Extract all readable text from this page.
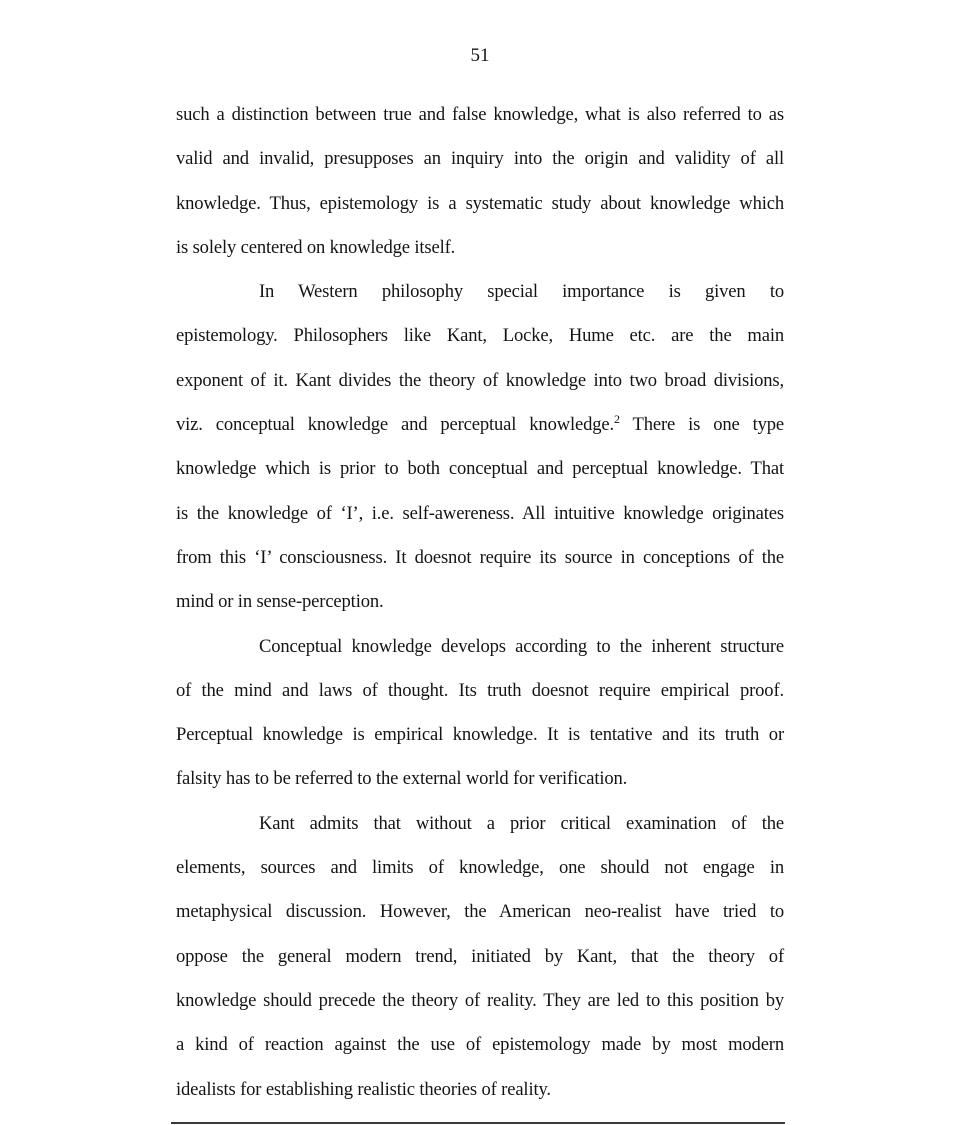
51
such a distinction between true and false knowledge, what is also referred to as
valid and invalid, presupposes an inquiry into the origin and validity of all
knowledge. Thus, epistemology is a systematic study about knowledge which
is solely centered on knowledge itself.
In Western philosophy special importance is given to
epistemology. Philosophers like Kant, Locke, Hume etc. are the main
exponent of it. Kant divides the theory of knowledge into two broad divisions,
viz. conceptual knowledge and perceptual knowledge.$^2$ There is one type
knowledge which is prior to both conceptual and perceptual knowledge. That
is the knowledge of ‘I’, i.e. self-awereness. All intuitive knowledge originates
from this ‘I’ consciousness. It doesnot require its source in conceptions of the
mind or in sense-perception.
Conceptual knowledge develops according to the inherent structure
of the mind and laws of thought. Its truth doesnot require empirical proof.
Perceptual knowledge is empirical knowledge. It is tentative and its truth or
falsity has to be referred to the external world for verification.
Kant admits that without a prior critical examination of the
elements, sources and limits of knowledge, one should not engage in
metaphysical discussion. However, the American neo-realist have tried to
oppose the general modern trend, initiated by Kant, that the theory of
knowledge should precede the theory of reality. They are led to this position by
a kind of reaction against the use of epistemology made by most modern
idealists for establishing realistic theories of reality.
